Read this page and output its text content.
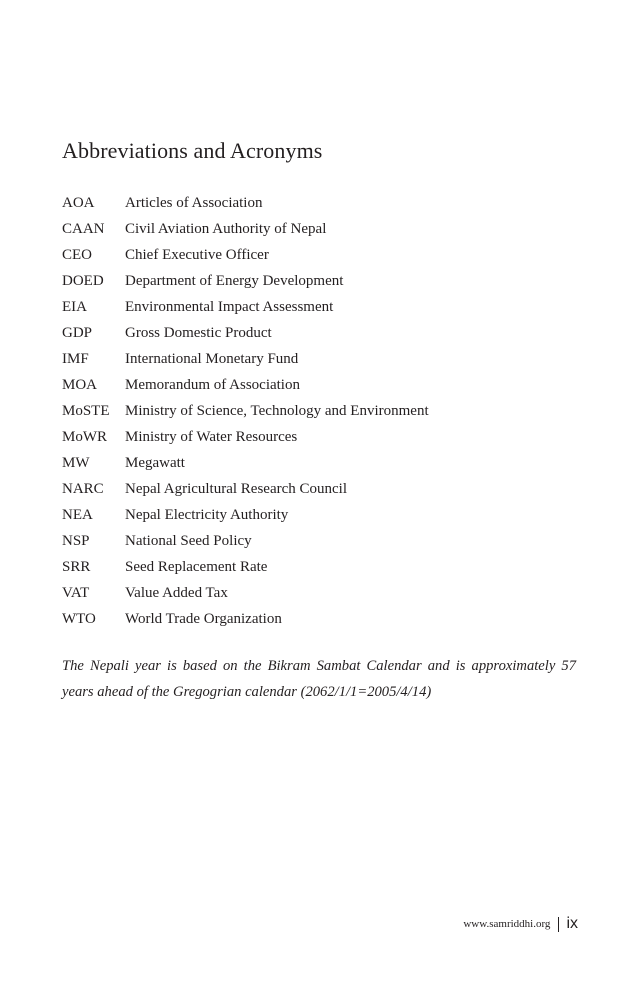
Abbreviations and Acronyms
AOA	Articles of Association
CAAN	Civil Aviation Authority of Nepal
CEO	Chief Executive Officer
DOED	Department of Energy Development
EIA	Environmental Impact Assessment
GDP	Gross Domestic Product
IMF	International Monetary Fund
MOA	Memorandum of Association
MoSTE	Ministry of Science, Technology and Environment
MoWR	Ministry of Water Resources
MW	Megawatt
NARC	Nepal Agricultural Research Council
NEA	Nepal Electricity Authority
NSP	National Seed Policy
SRR	Seed Replacement Rate
VAT	Value Added Tax
WTO	World Trade Organization

The Nepali year is based on the Bikram Sambat Calendar and is approximately 57 years ahead of the Gregogrian calendar (2062/1/1=2005/4/14)

www.samriddhi.org ix
